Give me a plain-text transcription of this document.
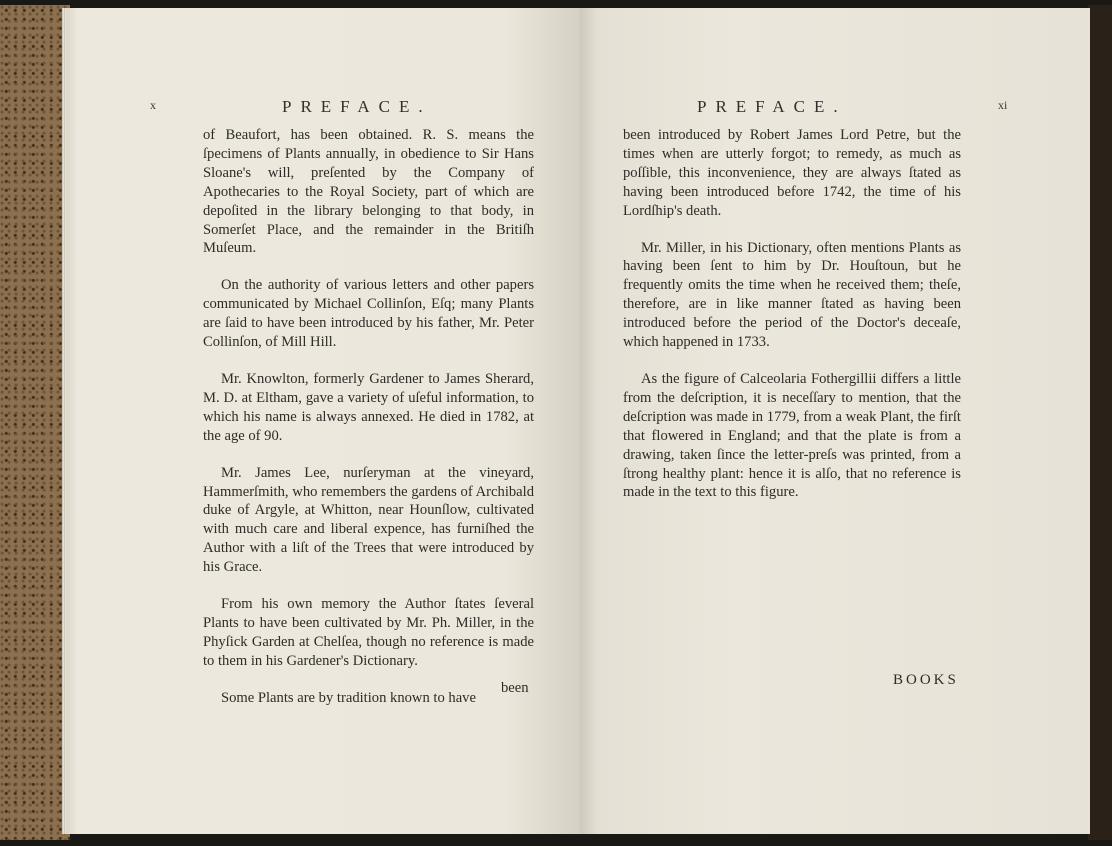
x	PREFACE.

of Beaufort, has been obtained. R. S. means the ſpecimens of Plants annually, in obedience to Sir Hans Sloane's will, preſented by the Company of Apothecaries to the Royal Society, part of which are depoſited in the library belonging to that body, in Somerſet Place, and the remainder in the Britiſh Muſeum.

On the authority of various letters and other papers communicated by Michael Collinſon, Eſq; many Plants are ſaid to have been introduced by his father, Mr. Peter Collinſon, of Mill Hill.

Mr. Knowlton, formerly Gardener to James Sherard, M. D. at Eltham, gave a variety of uſeful information, to which his name is always annexed. He died in 1782, at the age of 90.

Mr. James Lee, nurſeryman at the vineyard, Hammerſmith, who remembers the gardens of Archibald duke of Argyle, at Whitton, near Hounſlow, cultivated with much care and liberal expence, has furniſhed the Author with a liſt of the Trees that were introduced by his Grace.

From his own memory the Author ſtates ſeveral Plants to have been cultivated by Mr. Ph. Miller, in the Phyſick Garden at Chelſea, though no reference is made to them in his Gardener's Dictionary.

Some Plants are by tradition known to have

been
PREFACE.	xi

been introduced by Robert James Lord Petre, but the times when are utterly forgot; to remedy, as much as poſſible, this inconvenience, they are always ſtated as having been introduced before 1742, the time of his Lordſhip's death.

Mr. Miller, in his Dictionary, often mentions Plants as having been ſent to him by Dr. Houſtoun, but he frequently omits the time when he received them; theſe, therefore, are in like manner ſtated as having been introduced before the period of the Doctor's deceaſe, which happened in 1733.

As the figure of Calceolaria Fothergillii differs a little from the deſcription, it is neceſſary to mention, that the deſcription was made in 1779, from a weak Plant, the firſt that flowered in England; and that the plate is from a drawing, taken ſince the letter-preſs was printed, from a ſtrong healthy plant: hence it is alſo, that no reference is made in the text to this figure.

BOOKS
